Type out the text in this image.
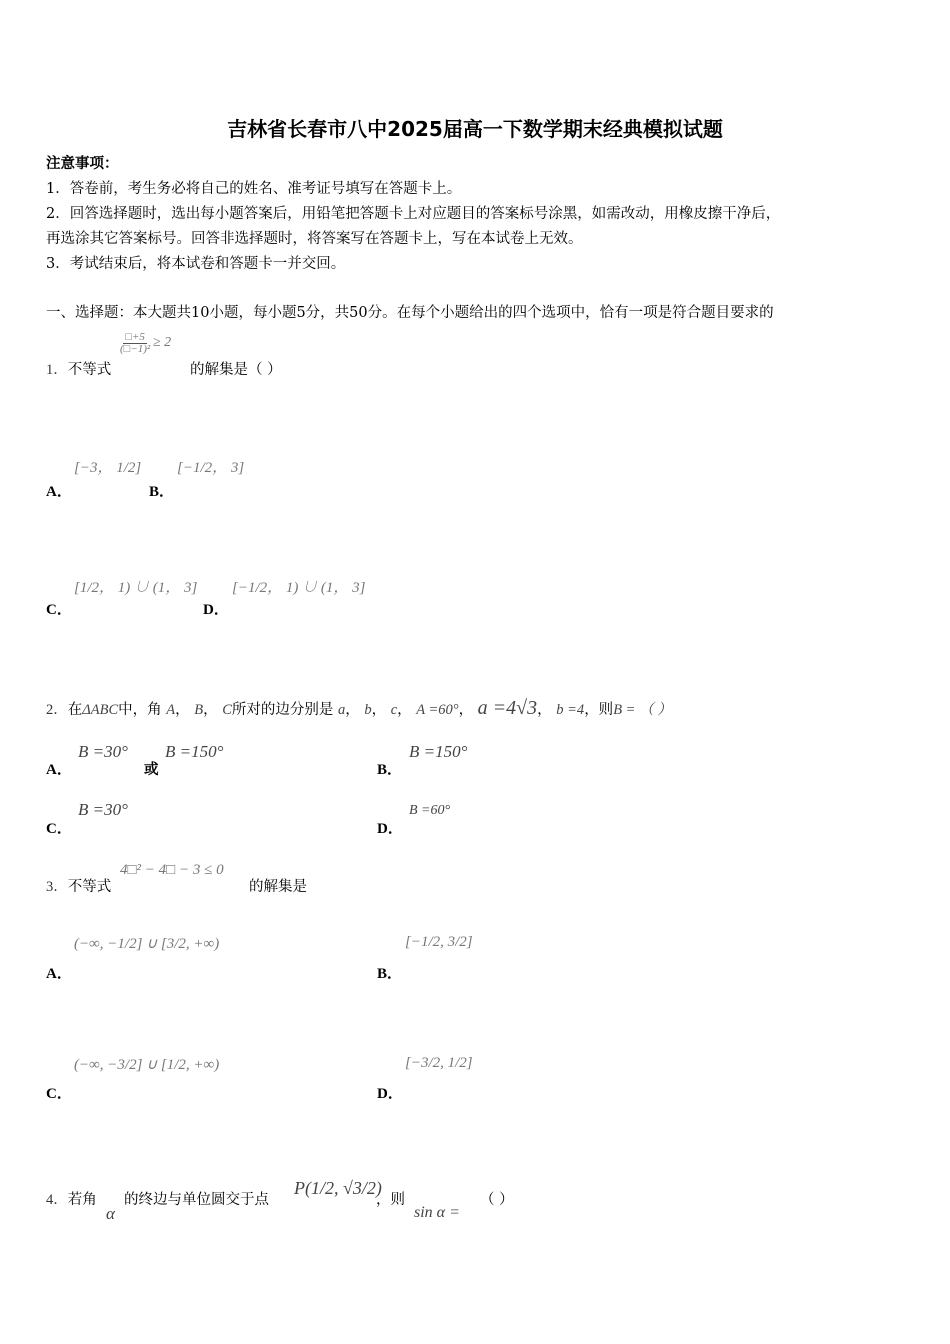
吉林省长春市八中2025届高一下数学期末经典模拟试题
注意事项：
1．答卷前，考生务必将自己的姓名、准考证号填写在答题卡上。
2．回答选择题时，选出每小题答案后，用铅笔把答题卡上对应题目的答案标号涂黑，如需改动，用橡皮擦干净后，
再选涂其它答案标号。回答非选择题时，将答案写在答题卡上，写在本试卷上无效。
3．考试结束后，将本试卷和答题卡一并交回。
一、选择题：本大题共10小题，每小题5分，共50分。在每个小题给出的四个选项中，恰有一项是符合题目要求的
1．不等式
$\frac{□+5}{\text{(□−1)²}} \ge 2$
的解集是（ ）
A．
[−3， 1/2]
B．
[−1/2， 3]
C．
[1/2， 1) ∪ (1， 3]
D．
[−1/2， 1) ∪ (1， 3]
2．在ΔABC中，角 A， B， C所对的边分别是 a， b， c， A =60°， a =4√3， b =4，则B = （ ）
A．
B =30°
或
B =150°
B．
B =150°
C．
B =30°
D．
B =60°
3．不等式
4□² − 4□ − 3 ≤ 0
的解集是
A．
(−∞, −1/2] ∪ [3/2, +∞)
B．
[−1/2, 3/2]
C．
(−∞, −3/2] ∪ [1/2, +∞)
D．
[−3/2, 1/2]
4．若角
α
的终边与单位圆交于点
P(1/2, √3/2)
，则
sin α =
（ ）
